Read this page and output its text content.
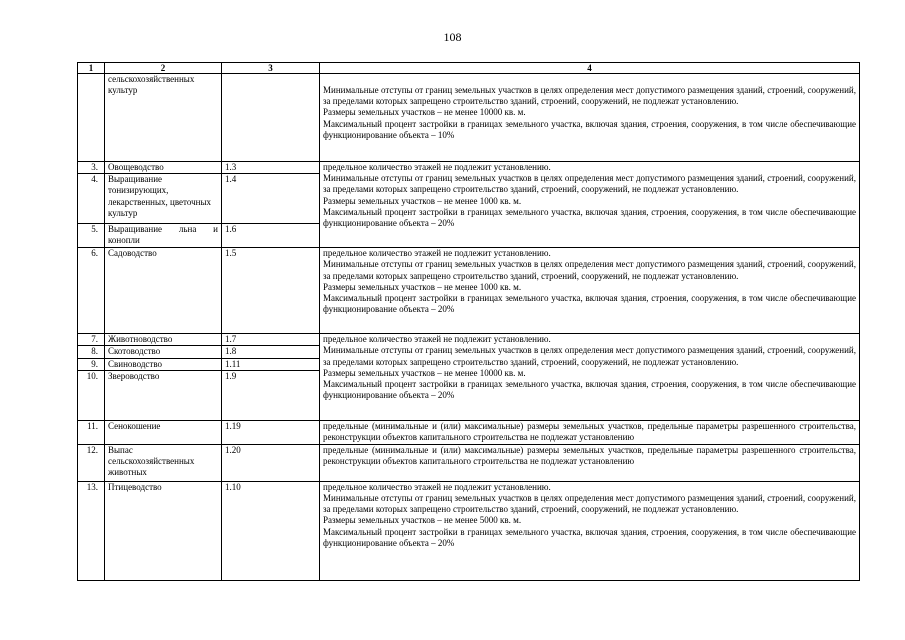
108
1	2	3	4
	сельскохозяйственных культур		Минимальные отступы от границ земельных участков в целях определения мест допустимого размещения зданий, строений, сооружений, за пределами которых запрещено строительство зданий, строений, сооружений, не подлежат установлению.
Размеры земельных участков – не менее 10000 кв. м.
Максимальный процент застройки в границах земельного участка, включая здания, строения, сооружения, в том числе обеспечивающие функционирование объекта – 10%

3.	Овощеводство	1.3	предельное количество этажей не подлежит установлению.
Минимальные отступы от границ земельных участков в целях определения мест допустимого размещения зданий, строений, сооружений, за пределами которых запрещено строительство зданий, строений, сооружений, не подлежат установлению.
Размеры земельных участков – не менее 1000 кв. м.
Максимальный процент застройки в границах земельного участка, включая здания, строения, сооружения, в том числе обеспечивающие функционирование объекта – 20%

4.	Выращивание тонизирующих, лекарственных, цветочных культур	1.4	
5.	Выращивание льна и конопли	1.6	
6.	Садоводство	1.5	предельное количество этажей не подлежит установлению.
Минимальные отступы от границ земельных участков в целях определения мест допустимого размещения зданий, строений, сооружений, за пределами которых запрещено строительство зданий, строений, сооружений, не подлежат установлению.
Размеры земельных участков – не менее 1000 кв. м.
Максимальный процент застройки в границах земельного участка, включая здания, строения, сооружения, в том числе обеспечивающие функционирование объекта – 20%

7.	Животноводство	1.7	предельное количество этажей не подлежит установлению.
Минимальные отступы от границ земельных участков в целях определения мест допустимого размещения зданий, строений, сооружений, за пределами которых запрещено строительство зданий, строений, сооружений, не подлежат установлению.
Размеры земельных участков – не менее 10000 кв. м.
Максимальный процент застройки в границах земельного участка, включая здания, строения, сооружения, в том числе обеспечивающие функционирование объекта – 20%

8.	Скотоводство	1.8	
9.	Свиноводство	1.11	
10.	Звероводство	1.9	
11.	Сенокошение	1.19	предельные (минимальные и (или) максимальные) размеры земельных участков, предельные параметры разрешенного строительства, реконструкции объектов капитального строительства не подлежат установлению
12.	Выпас сельскохозяйственных животных	1.20	предельные (минимальные и (или) максимальные) размеры земельных участков, предельные параметры разрешенного строительства, реконструкции объектов капитального строительства не подлежат установлению
13.	Птицеводство	1.10	предельное количество этажей не подлежит установлению.
Минимальные отступы от границ земельных участков в целях определения мест допустимого размещения зданий, строений, сооружений, за пределами которых запрещено строительство зданий, строений, сооружений, не подлежат установлению.
Размеры земельных участков – не менее 5000 кв. м.
Максимальный процент застройки в границах земельного участка, включая здания, строения, сооружения, в том числе обеспечивающие функционирование объекта – 20%
